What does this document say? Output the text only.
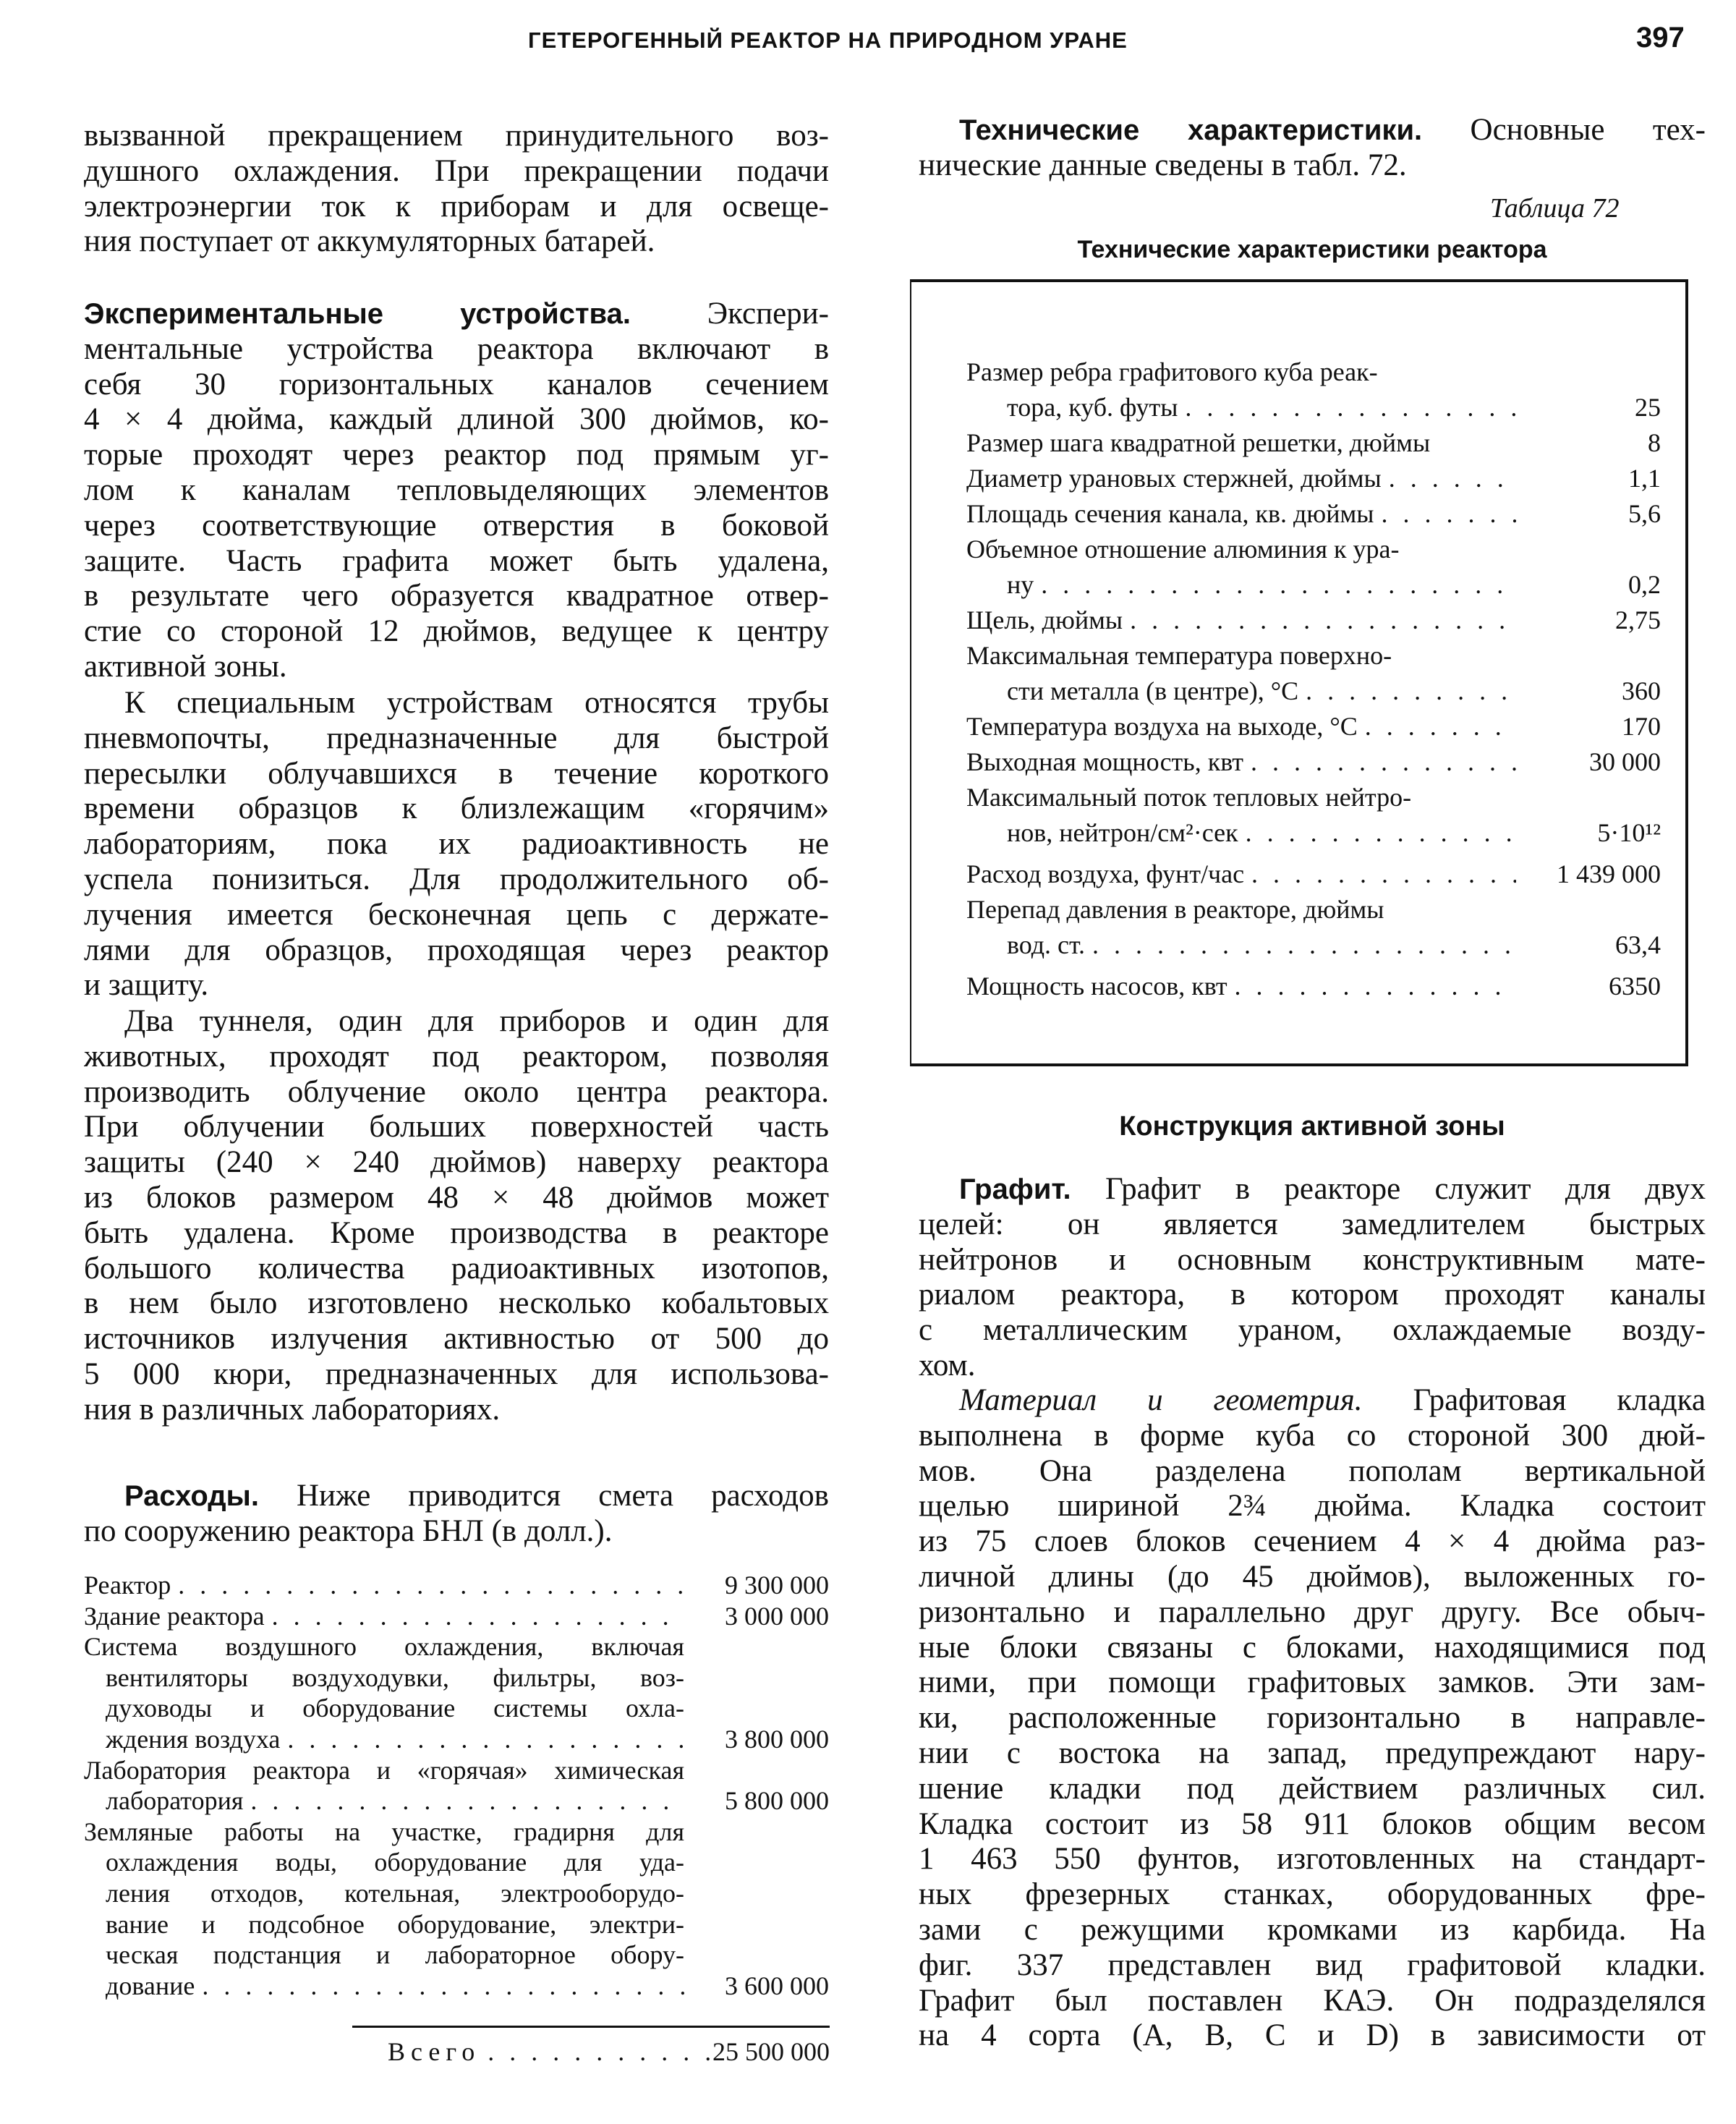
ГЕТЕРОГЕННЫЙ РЕАКТОР НА ПРИРОДНОМ УРАНЕ	397
вызванной прекращением принудительного воз-
душного охлаждения. При прекращении подачи
электроэнергии ток к приборам и для освеще-
ния поступает от аккумуляторных батарей.
Экспериментальные устройства. Экспери-
ментальные устройства реактора включают в
себя 30 горизонтальных каналов сечением
4 × 4 дюйма, каждый длиной 300 дюймов, ко-
торые проходят через реактор под прямым уг-
лом к каналам тепловыделяющих элементов
через соответствующие отверстия в боковой
защите. Часть графита может быть удалена,
в результате чего образуется квадратное отвер-
стие со стороной 12 дюймов, ведущее к центру
активной зоны.
К специальным устройствам относятся трубы
пневмопочты, предназначенные для быстрой
пересылки облучавшихся в течение короткого
времени образцов к близлежащим «горячим»
лабораториям, пока их радиоактивность не
успела понизиться. Для продолжительного об-
лучения имеется бесконечная цепь с держате-
лями для образцов, проходящая через реактор
и защиту.
Два туннеля, один для приборов и один для
животных, проходят под реактором, позволяя
производить облучение около центра реактора.
При облучении больших поверхностей часть
защиты (240 × 240 дюймов) наверху реактора
из блоков размером 48 × 48 дюймов может
быть удалена. Кроме производства в реакторе
большого количества радиоактивных изотопов,
в нем было изготовлено несколько кобальтовых
источников излучения активностью от 500 до
5 000 кюри, предназначенных для использова-
ния в различных лабораториях.
Расходы. Ниже приводится смета расходов
по сооружению реактора БНЛ (в долл.).
Реактор . . .	9 300 000
Здание реактора . . .	3 000 000
Система воздушного охлаждения, включая
вентиляторы воздуходувки, фильтры, воз-
духоводы и оборудование системы охла-
ждения воздуха . . .	3 800 000
Лаборатория реактора и «горячая» химическая
лаборатория . . .	5 800 000
Земляные работы на участке, градирня для
охлаждения воды, оборудование для уда-
ления отходов, котельная, электрооборудо-
вание и подсобное оборудование, электри-
ческая подстанция и лабораторное обору-
дование . . .	3 600 000
Всего . . .	25 500 000
Технические характеристики. Основные тех-
нические данные сведены в табл. 72.
Таблица 72
Технические характеристики реактора
Размер ребра графитового куба реак-
тора, куб. футы . . .	25
Размер шага квадратной решетки, дюймы	8
Диаметр урановых стержней, дюймы . . .	1,1
Площадь сечения канала, кв. дюймы . . .	5,6
Объемное отношение алюминия к ура-
ну . . .	0,2
Щель, дюймы . . .	2,75
Максимальная температура поверхно-
сти металла (в центре), °C . . .	360
Температура воздуха на выходе, °C . . .	170
Выходная мощность, квт . . .	30 000
Максимальный поток тепловых нейтро-
нов, нейтрон/см²·сек . . .	5·10¹²
Расход воздуха, фунт/час . . .	1 439 000
Перепад давления в реакторе, дюймы
вод. ст. . . .	63,4
Мощность насосов, квт . . .	6350
Конструкция активной зоны
Графит. Графит в реакторе служит для двух
целей: он является замедлителем быстрых
нейтронов и основным конструктивным мате-
риалом реактора, в котором проходят каналы
с металлическим ураном, охлаждаемые возду-
хом.
Материал и геометрия. Графитовая кладка
выполнена в форме куба со стороной 300 дюй-
мов. Она разделена пополам вертикальной
щелью шириной 2¾ дюйма. Кладка состоит
из 75 слоев блоков сечением 4 × 4 дюйма раз-
личной длины (до 45 дюймов), выложенных го-
ризонтально и параллельно друг другу. Все обыч-
ные блоки связаны с блоками, находящимися под
ними, при помощи графитовых замков. Эти зам-
ки, расположенные горизонтально в направле-
нии с востока на запад, предупреждают нару-
шение кладки под действием различных сил.
Кладка состоит из 58 911 блоков общим весом
1 463 550 фунтов, изготовленных на стандарт-
ных фрезерных станках, оборудованных фре-
зами с режущими кромками из карбида. На
фиг. 337 представлен вид графитовой кладки.
Графит был поставлен КАЭ. Он подразделялся
на 4 сорта (A, B, C и D) в зависимости от
